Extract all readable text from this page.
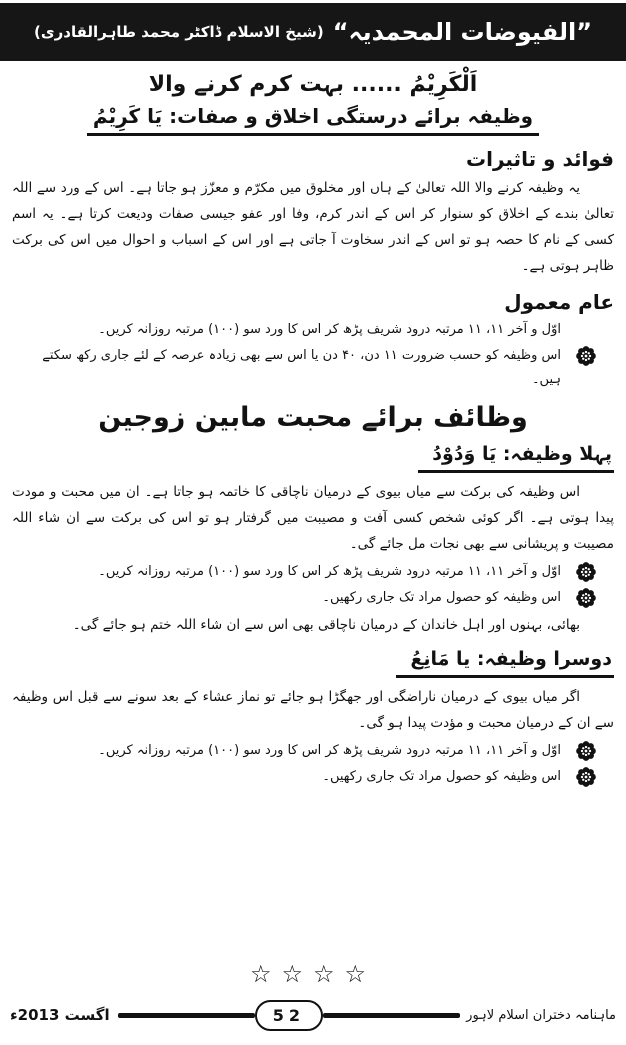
”الفیوضات المحمدیہ“
(شیخ الاسلام ڈاکٹر محمد طاہرالقادری)
اَلْکَرِیْمُ ...... بہت کرم کرنے والا
وظیفہ برائے درستگی اخلاق و صفات: یَا کَرِیْمُ
فوائد و تاثیرات

یہ وظیفہ کرنے والا اللہ تعالیٰ کے ہاں اور مخلوق میں مکرّم و معزّز ہو جاتا ہے۔ اس کے ورد سے اللہ تعالیٰ بندے کے اخلاق کو سنوار کر اس کے اندر کرم، وفا اور عفو جیسی صفات ودیعت کرتا ہے۔ یہ اسم کسی کے نام کا حصہ ہو تو اس کے اندر سخاوت آ جاتی ہے اور اس کے اسباب و احوال میں اس کی برکت ظاہر ہوتی ہے۔

عام معمول
اوّل و آخر ۱۱، ۱۱ مرتبہ درود شریف پڑھ کر اس کا ورد سو (۱۰۰) مرتبہ روزانہ کریں۔
اس وظیفہ کو حسب ضرورت ۱۱ دن، ۴۰ دن یا اس سے بھی زیادہ عرصہ کے لئے جاری رکھ سکتے ہیں۔
وظائف برائے محبت مابین زوجین
پہلا وظیفہ: یَا وَدُوْدُ

اس وظیفہ کی برکت سے میاں بیوی کے درمیان ناچاقی کا خاتمہ ہو جاتا ہے۔ ان میں محبت و مودت پیدا ہوتی ہے۔ اگر کوئی شخص کسی آفت و مصیبت میں گرفتار ہو تو اس کی برکت سے ان شاء اللہ مصیبت و پریشانی سے بھی نجات مل جائے گی۔

اوّل و آخر ۱۱، ۱۱ مرتبہ درود شریف پڑھ کر اس کا ورد سو (۱۰۰) مرتبہ روزانہ کریں۔
اس وظیفہ کو حصول مراد تک جاری رکھیں۔

بھائی، بہنوں اور اہل خاندان کے درمیان ناچاقی بھی اس سے ان شاء اللہ ختم ہو جائے گی۔

دوسرا وظیفہ: یا مَانِعُ

اگر میاں بیوی کے درمیان ناراضگی اور جھگڑا ہو جائے تو نماز عشاء کے بعد سونے سے قبل اس وظیفہ سے ان کے درمیان محبت و مؤدت پیدا ہو گی۔

اوّل و آخر ۱۱، ۱۱ مرتبہ درود شریف پڑھ کر اس کا ورد سو (۱۰۰) مرتبہ روزانہ کریں۔
اس وظیفہ کو حصول مراد تک جاری رکھیں۔
☆☆☆☆
ماہنامہ دختران اسلام لاہور
52
اگست 2013ء
